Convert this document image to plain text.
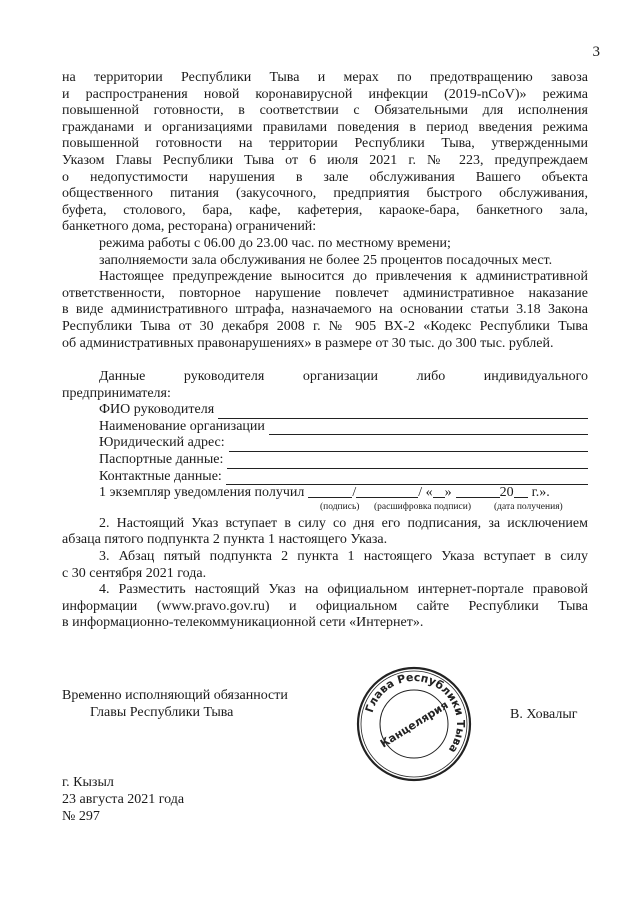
3

на территории Республики Тыва и мерах по предотвращению завоза

и распространения новой коронавирусной инфекции (2019-nCoV)» режима

повышенной готовности, в соответствии с Обязательными для исполнения

гражданами и организациями правилами поведения в период введения режима

повышенной готовности на территории Республики Тыва, утвержденными

Указом Главы Республики Тыва от 6 июля 2021 г. № 223, предупреждаем

о недопустимости нарушения в зале обслуживания Вашего объекта

общественного питания (закусочного, предприятия быстрого обслуживания,

буфета, столового, бара, кафе, кафетерия, караоке-бара, банкетного зала,

банкетного дома, ресторана) ограничений:

режима работы с 06.00 до 23.00 час. по местному времени;

заполняемости зала обслуживания не более 25 процентов посадочных мест.

Настоящее предупреждение выносится до привлечения к административной

ответственности, повторное нарушение повлечет административное наказание

в виде административного штрафа, назначаемого на основании статьи 3.18 Закона

Республики Тыва от 30 декабря 2008 г. № 905 ВХ-2 «Кодекс Республики Тыва

об административных правонарушениях» в размере от 30 тыс. до 300 тыс. рублей.

Данные руководителя организации либо индивидуального

предпринимателя:

ФИО руководителя
Наименование организации
Юридический адрес:
Паспортные данные:
Контактные данные:
1 экземпляр уведомления получил	/	/ « »	20 г.».
(подпись) (расшифровка подписи) (дата получения)

2. Настоящий Указ вступает в силу со дня его подписания, за исключением

абзаца пятого подпункта 2 пункта 1 настоящего Указа.

3. Абзац пятый подпункта 2 пункта 1 настоящего Указа вступает в силу

с 30 сентября 2021 года.

4. Разместить настоящий Указ на официальном интернет-портале правовой

информации (www.pravo.gov.ru) и официальном сайте Республики Тыва

в информационно-телекоммуникационной сети «Интернет».

Временно исполняющий обязанности
Главы Республики Тыва	Глава Республики Тыва
Канцелярия	В. Ховалыг
г. Кызыл
23 августа 2021 года
№ 297
